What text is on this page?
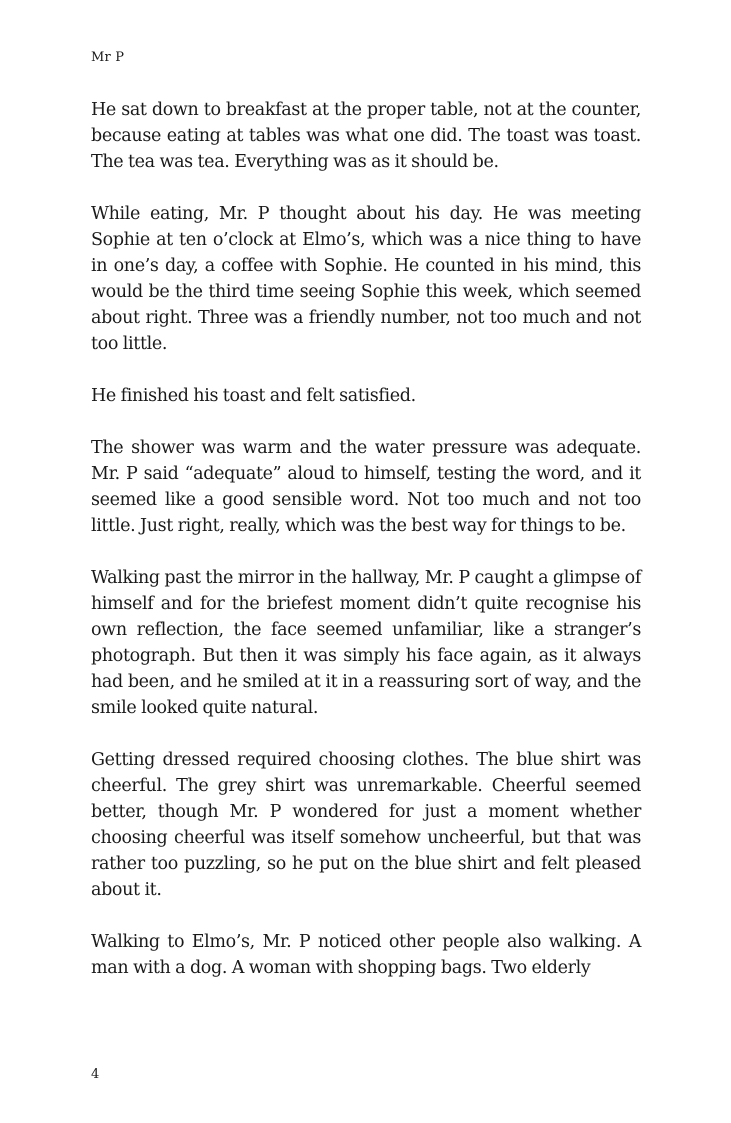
Mr P

He sat down to breakfast at the proper table, not at the counter, because eating at tables was what one did. The toast was toast. The tea was tea. Everything was as it should be.

While eating, Mr. P thought about his day. He was meeting Sophie at ten o’clock at Elmo’s, which was a nice thing to have in one’s day, a coffee with Sophie. He counted in his mind, this would be the third time seeing Sophie this week, which seemed about right. Three was a friendly number, not too much and not too little.

He finished his toast and felt satisfied.

The shower was warm and the water pressure was adequate. Mr. P said “adequate” aloud to himself, testing the word, and it seemed like a good sensible word. Not too much and not too little. Just right, really, which was the best way for things to be.

Walking past the mirror in the hallway, Mr. P caught a glimpse of himself and for the briefest moment didn’t quite recognise his own reflection, the face seemed unfamiliar, like a stranger’s photograph. But then it was simply his face again, as it always had been, and he smiled at it in a reassuring sort of way, and the smile looked quite natural.

Getting dressed required choosing clothes. The blue shirt was cheerful. The grey shirt was unremarkable. Cheerful seemed better, though Mr. P wondered for just a moment whether choosing cheerful was itself somehow uncheerful, but that was rather too puzzling, so he put on the blue shirt and felt pleased about it.

Walking to Elmo’s, Mr. P noticed other people also walking. A man with a dog. A woman with shopping bags. Two elderly

4
